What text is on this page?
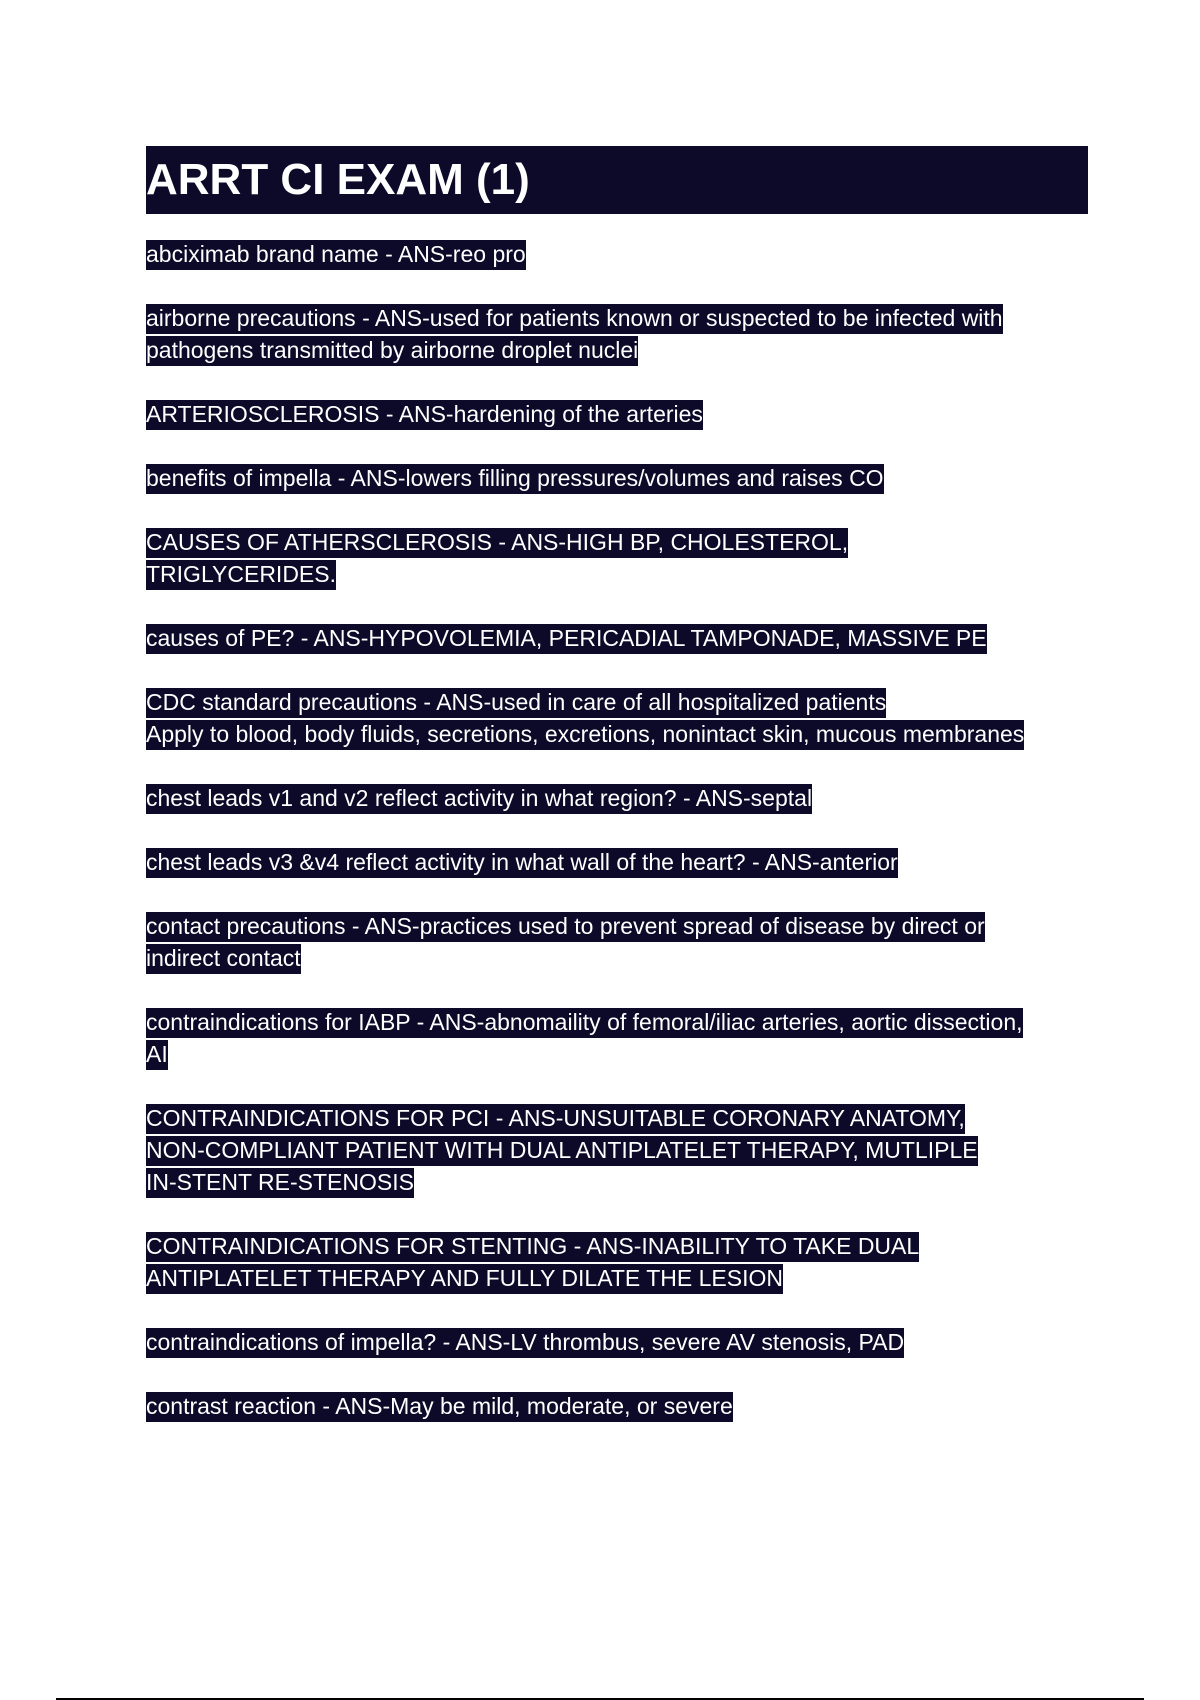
ARRT CI EXAM (1)
abciximab brand name - ANS-reo pro
airborne precautions - ANS-used for patients known or suspected to be infected with
pathogens transmitted by airborne droplet nuclei
ARTERIOSCLEROSIS - ANS-hardening of the arteries
benefits of impella - ANS-lowers filling pressures/volumes and raises CO
CAUSES OF ATHERSCLEROSIS - ANS-HIGH BP, CHOLESTEROL,
TRIGLYCERIDES.
causes of PE? - ANS-HYPOVOLEMIA, PERICADIAL TAMPONADE, MASSIVE PE
CDC standard precautions - ANS-used in care of all hospitalized patients
Apply to blood, body fluids, secretions, excretions, nonintact skin, mucous membranes
chest leads v1 and v2 reflect activity in what region? - ANS-septal
chest leads v3 &v4 reflect activity in what wall of the heart? - ANS-anterior
contact precautions - ANS-practices used to prevent spread of disease by direct or
indirect contact
contraindications for IABP - ANS-abnomaility of femoral/iliac arteries, aortic dissection,
AI
CONTRAINDICATIONS FOR PCI - ANS-UNSUITABLE CORONARY ANATOMY,
NON-COMPLIANT PATIENT WITH DUAL ANTIPLATELET THERAPY, MUTLIPLE
IN-STENT RE-STENOSIS
CONTRAINDICATIONS FOR STENTING - ANS-INABILITY TO TAKE DUAL
ANTIPLATELET THERAPY AND FULLY DILATE THE LESION
contraindications of impella? - ANS-LV thrombus, severe AV stenosis, PAD
contrast reaction - ANS-May be mild, moderate, or severe
